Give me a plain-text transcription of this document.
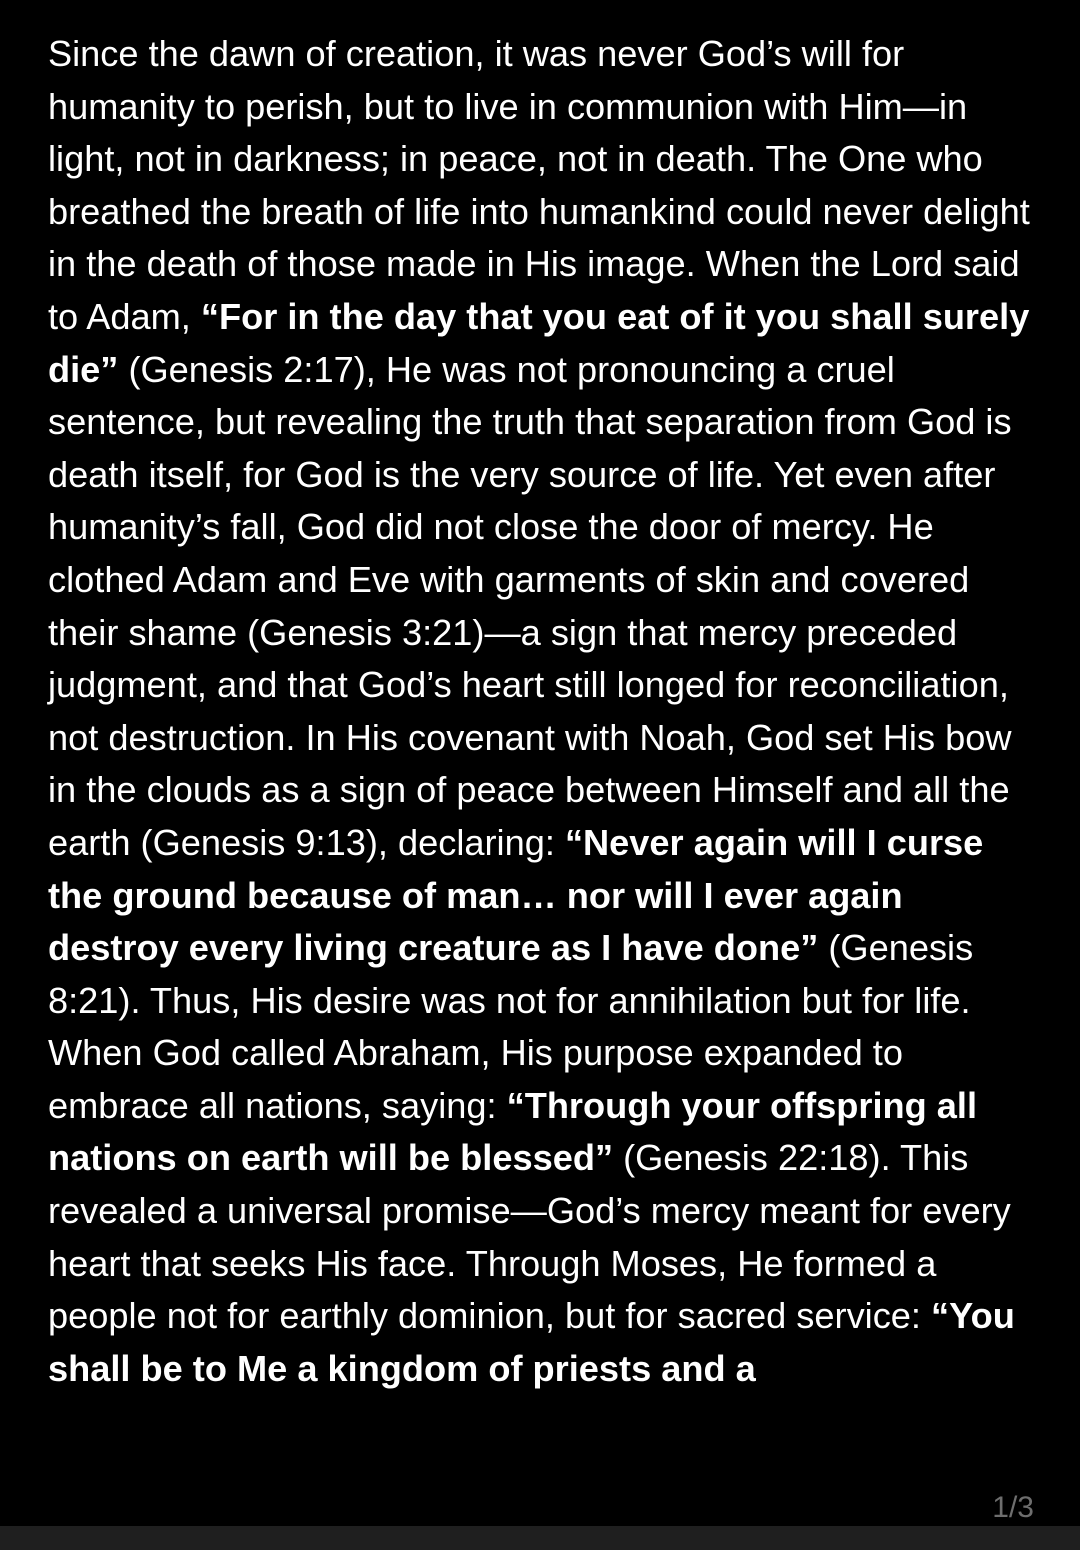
Since the dawn of creation, it was never God’s will for humanity to perish, but to live in communion with Him—in light, not in darkness; in peace, not in death. The One who breathed the breath of life into humankind could never delight in the death of those made in His image. When the Lord said to Adam, “For in the day that you eat of it you shall surely die” (Genesis 2:17), He was not pronouncing a cruel sentence, but revealing the truth that separation from God is death itself, for God is the very source of life. Yet even after humanity’s fall, God did not close the door of mercy. He clothed Adam and Eve with garments of skin and covered their shame (Genesis 3:21)—a sign that mercy preceded judgment, and that God’s heart still longed for reconciliation, not destruction. In His covenant with Noah, God set His bow in the clouds as a sign of peace between Himself and all the earth (Genesis 9:13), declaring: “Never again will I curse the ground because of man… nor will I ever again destroy every living creature as I have done” (Genesis 8:21). Thus, His desire was not for annihilation but for life. When God called Abraham, His purpose expanded to embrace all nations, saying: “Through your offspring all nations on earth will be blessed” (Genesis 22:18). This revealed a universal promise—God’s mercy meant for every heart that seeks His face. Through Moses, He formed a people not for earthly dominion, but for sacred service: “You shall be to Me a kingdom of priests and a

1/3
